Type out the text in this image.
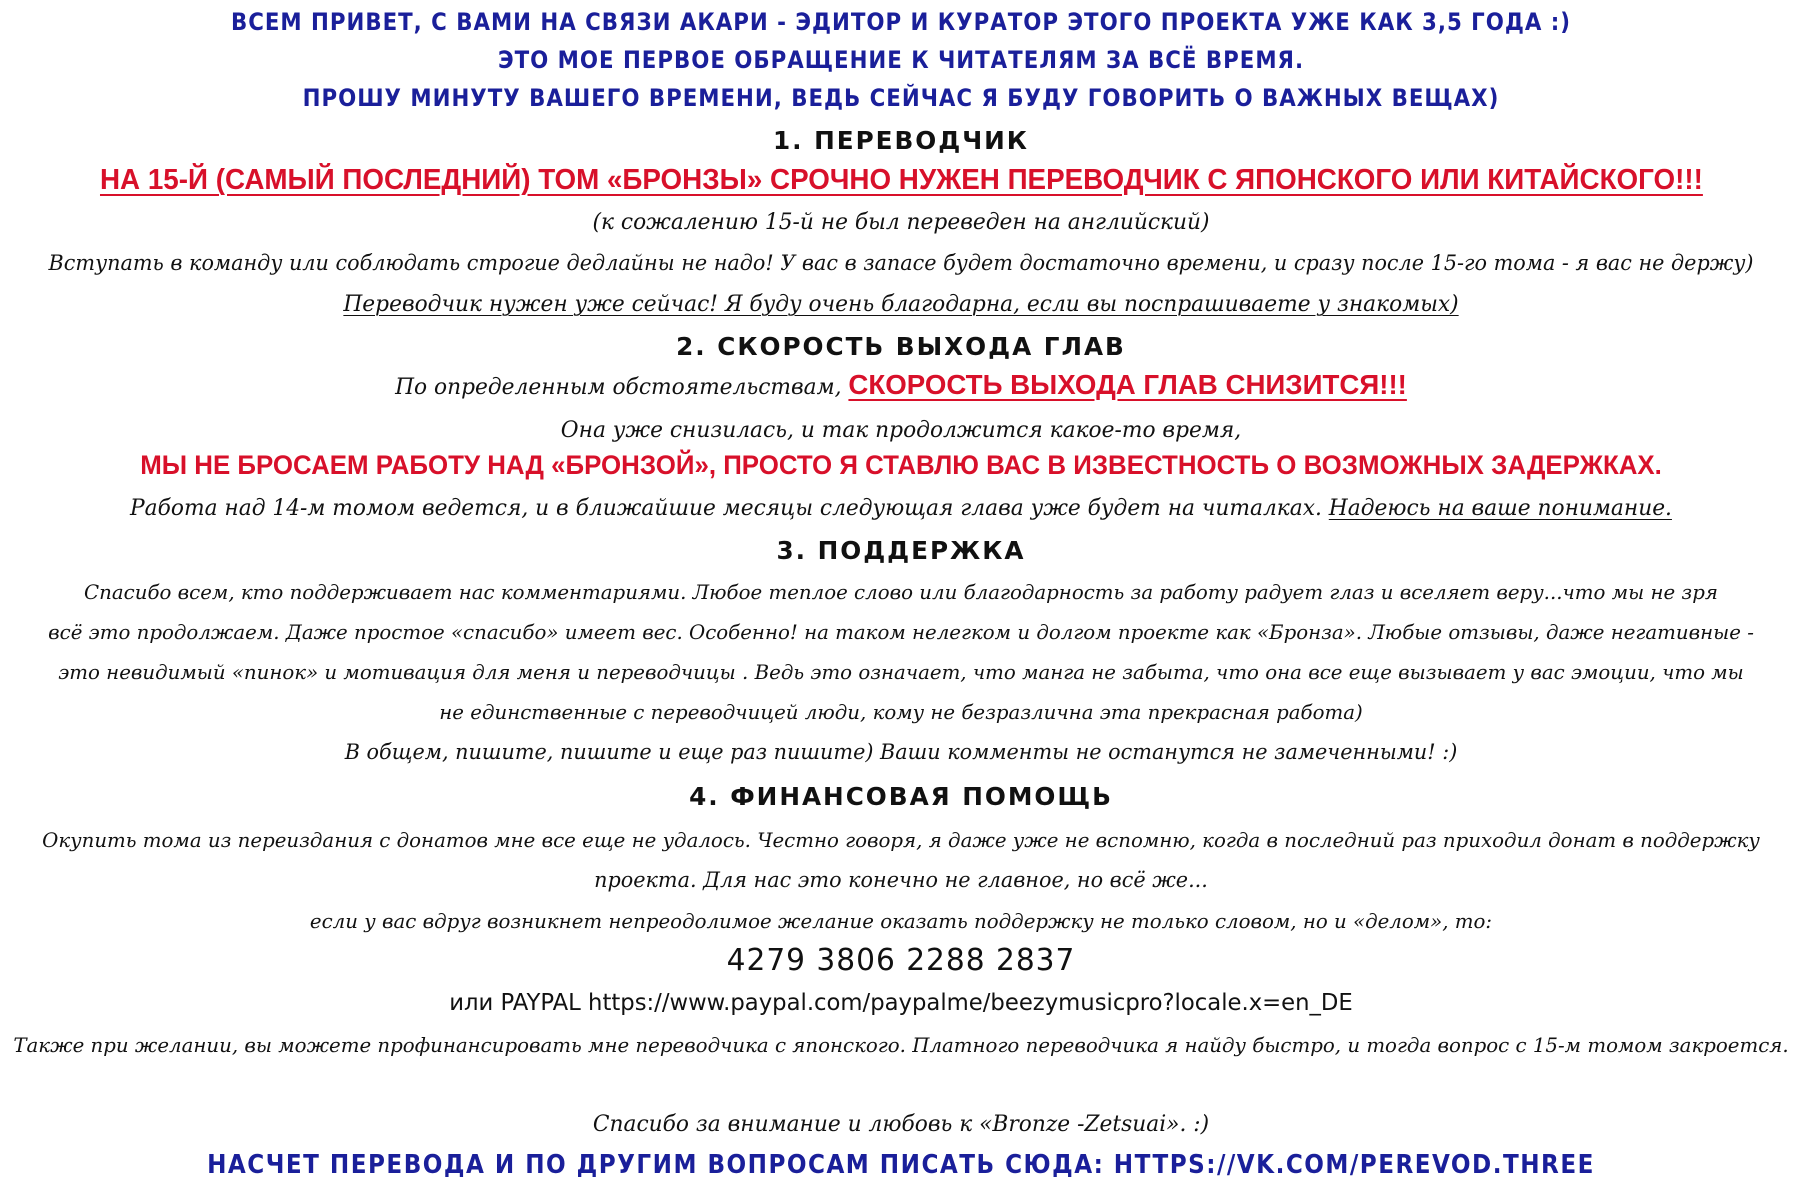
ВСЕМ ПРИВЕТ, С ВАМИ НА СВЯЗИ АКАРИ - ЭДИТОР И КУРАТОР ЭТОГО ПРОЕКТА УЖЕ КАК 3,5 ГОДА :)
ЭТО МОЕ ПЕРВОЕ ОБРАЩЕНИЕ К ЧИТАТЕЛЯМ ЗА ВСЁ ВРЕМЯ.
ПРОШУ МИНУТУ ВАШЕГО ВРЕМЕНИ, ВЕДЬ СЕЙЧАС Я БУДУ ГОВОРИТЬ О ВАЖНЫХ ВЕЩАХ)
1. ПЕРЕВОДЧИК
НА 15-Й (САМЫЙ ПОСЛЕДНИЙ) ТОМ «БРОНЗЫ» СРОЧНО НУЖЕН ПЕРЕВОДЧИК С ЯПОНСКОГО ИЛИ КИТАЙСКОГО!!!
(к сожалению 15-й не был переведен на английский)
Вступать в команду или соблюдать строгие дедлайны не надо! У вас в запасе будет достаточно времени, и сразу после 15-го тома - я вас не держу)
Переводчик нужен уже сейчас! Я буду очень благодарна, если вы поспрашиваете у знакомых)
2. СКОРОСТЬ ВЫХОДА ГЛАВ
По определенным обстоятельствам, СКОРОСТЬ ВЫХОДА ГЛАВ СНИЗИТСЯ!!!
Она уже снизилась, и так продолжится какое-то время,
МЫ НЕ БРОСАЕМ РАБОТУ НАД «БРОНЗОЙ», ПРОСТО Я СТАВЛЮ ВАС В ИЗВЕСТНОСТЬ О ВОЗМОЖНЫХ ЗАДЕРЖКАХ.
Работа над 14-м томом ведется, и в ближайшие месяцы следующая глава уже будет на читалках. Надеюсь на ваше понимание.
3. ПОДДЕРЖКА
Спасибо всем, кто поддерживает нас комментариями. Любое теплое слово или благодарность за работу радует глаз и вселяет веру...что мы не зря
всё это продолжаем. Даже простое «спасибо» имеет вес. Особенно! на таком нелегком и долгом проекте как «Бронза». Любые отзывы, даже негативные -
это невидимый «пинок» и мотивация для меня и переводчицы . Ведь это означает, что манга не забыта, что она все еще вызывает у вас эмоции, что мы
не единственные с переводчицей люди, кому не безразлична эта прекрасная работа)
В общем, пишите, пишите и еще раз пишите) Ваши комменты не останутся не замеченными! :)
4. ФИНАНСОВАЯ ПОМОЩЬ
Окупить тома из переиздания с донатов мне все еще не удалось. Честно говоря, я даже уже не вспомню, когда в последний раз приходил донат в поддержку
проекта. Для нас это конечно не главное, но всё же...
если у вас вдруг возникнет непреодолимое желание оказать поддержку не только словом, но и «делом», то:
4279 3806 2288 2837
или PAYPAL https://www.paypal.com/paypalme/beezymusicpro?locale.x=en_DE
Также при желании, вы можете профинансировать мне переводчика с японского. Платного переводчика я найду быстро, и тогда вопрос с 15-м томом закроется.
Спасибо за внимание и любовь к «Bronze -Zetsuai». :)
НАСЧЕТ ПЕРЕВОДА И ПО ДРУГИМ ВОПРОСАМ ПИСАТЬ СЮДА: HTTPS://VK.COM/PEREVOD.THREE
